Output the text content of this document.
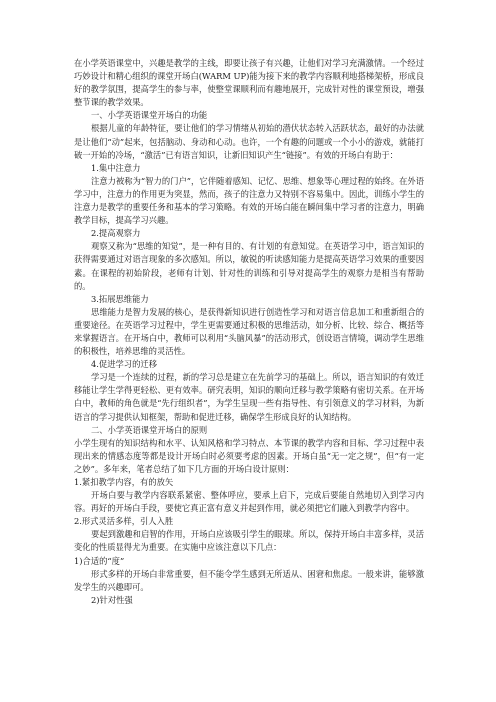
在小学英语课堂中，兴趣是教学的主线，即要让孩子有兴趣，让他们对学习充满激情。一个经过巧妙设计和精心组织的课堂开场白(WARM UP)能为接下来的教学内容顺利地搭梯架桥，形成良好的教学氛围，提高学生的参与率，使整堂课顺利而有趣地展开，完成针对性的课堂预设，增强整节课的教学效果。

一、小学英语课堂开场白的功能

根据儿童的年龄特征，要让他们的学习情绪从初始的潜伏状态转入活跃状态，最好的办法就是让他们“动”起来，包括脑动、身动和心动。也许，一个有趣的问题或一个小小的游戏，就能打破一开始的冷场，“激活”已有语言知识，让新旧知识产生“链接”。有效的开场白有助于：

1.集中注意力

注意力被称为“智力的门户”，它伴随着感知、记忆、思维、想象等心理过程的始终。在外语学习中，注意力的作用更为突显，然而，孩子的注意力又特别不容易集中。因此，训练小学生的注意力是教学的重要任务和基本的学习策略。有效的开场白能在瞬间集中学习者的注意力，明确教学目标，提高学习兴趣。

2.提高观察力

观察又称为“思维的知觉”，是一种有目的、有计划的有意知觉。在英语学习中，语言知识的获得需要通过对语言现象的多次感知。所以，敏锐的听读感知能力是提高英语学习效果的重要因素。在课程的初始阶段，老师有计划、针对性的训练和引导对提高学生的观察力是相当有帮助的。

3.拓展思维能力

思维能力是智力发展的核心，是获得新知识进行创造性学习和对语言信息加工和重新组合的重要途径。在英语学习过程中，学生更需要通过积极的思维活动，如分析、比较、综合、概括等来掌握语言。在开场白中，教师可以利用“头脑风暴”的活动形式，创设语言情境，调动学生思维的积极性，培养思维的灵活性。

4.促进学习的迁移

学习是一个连续的过程，新的学习总是建立在先前学习的基础上。所以，语言知识的有效迁移能让学生学得更轻松、更有效率。研究表明，知识的顺向迁移与教学策略有密切关系。在开场白中，教师的角色就是“先行组织者”，为学生呈现一些有指导性、有引领意义的学习材料，为新语言的学习提供认知框架，帮助和促进迁移，确保学生形成良好的认知结构。

二、小学英语课堂开场白的原则

小学生现有的知识结构和水平、认知风格和学习特点、本节课的教学内容和目标、学习过程中表现出来的情感态度等都是设计开场白时必须要考虑的因素。开场白虽“无一定之规”，但“有一定之妙”。多年来，笔者总结了如下几方面的开场白设计原则：

1.紧扣教学内容，有的放矢

开场白要与教学内容联系紧密、整体呼应，要承上启下，完成后要能自然地切入到学习内容。再好的开场白手段，要使它真正富有意义并起到作用，就必须把它们融入到教学内容中。

2.形式灵活多样，引人入胜

要起到激趣和启智的作用，开场白应该吸引学生的眼球。所以，保持开场白丰富多样，灵活变化的性质显得尤为重要。在实施中应该注意以下几点：

1)合适的“度”

形式多样的开场白非常重要，但不能令学生感到无所适从、困窘和焦虑。一般来讲，能够激发学生的兴趣即可。

2)针对性强
